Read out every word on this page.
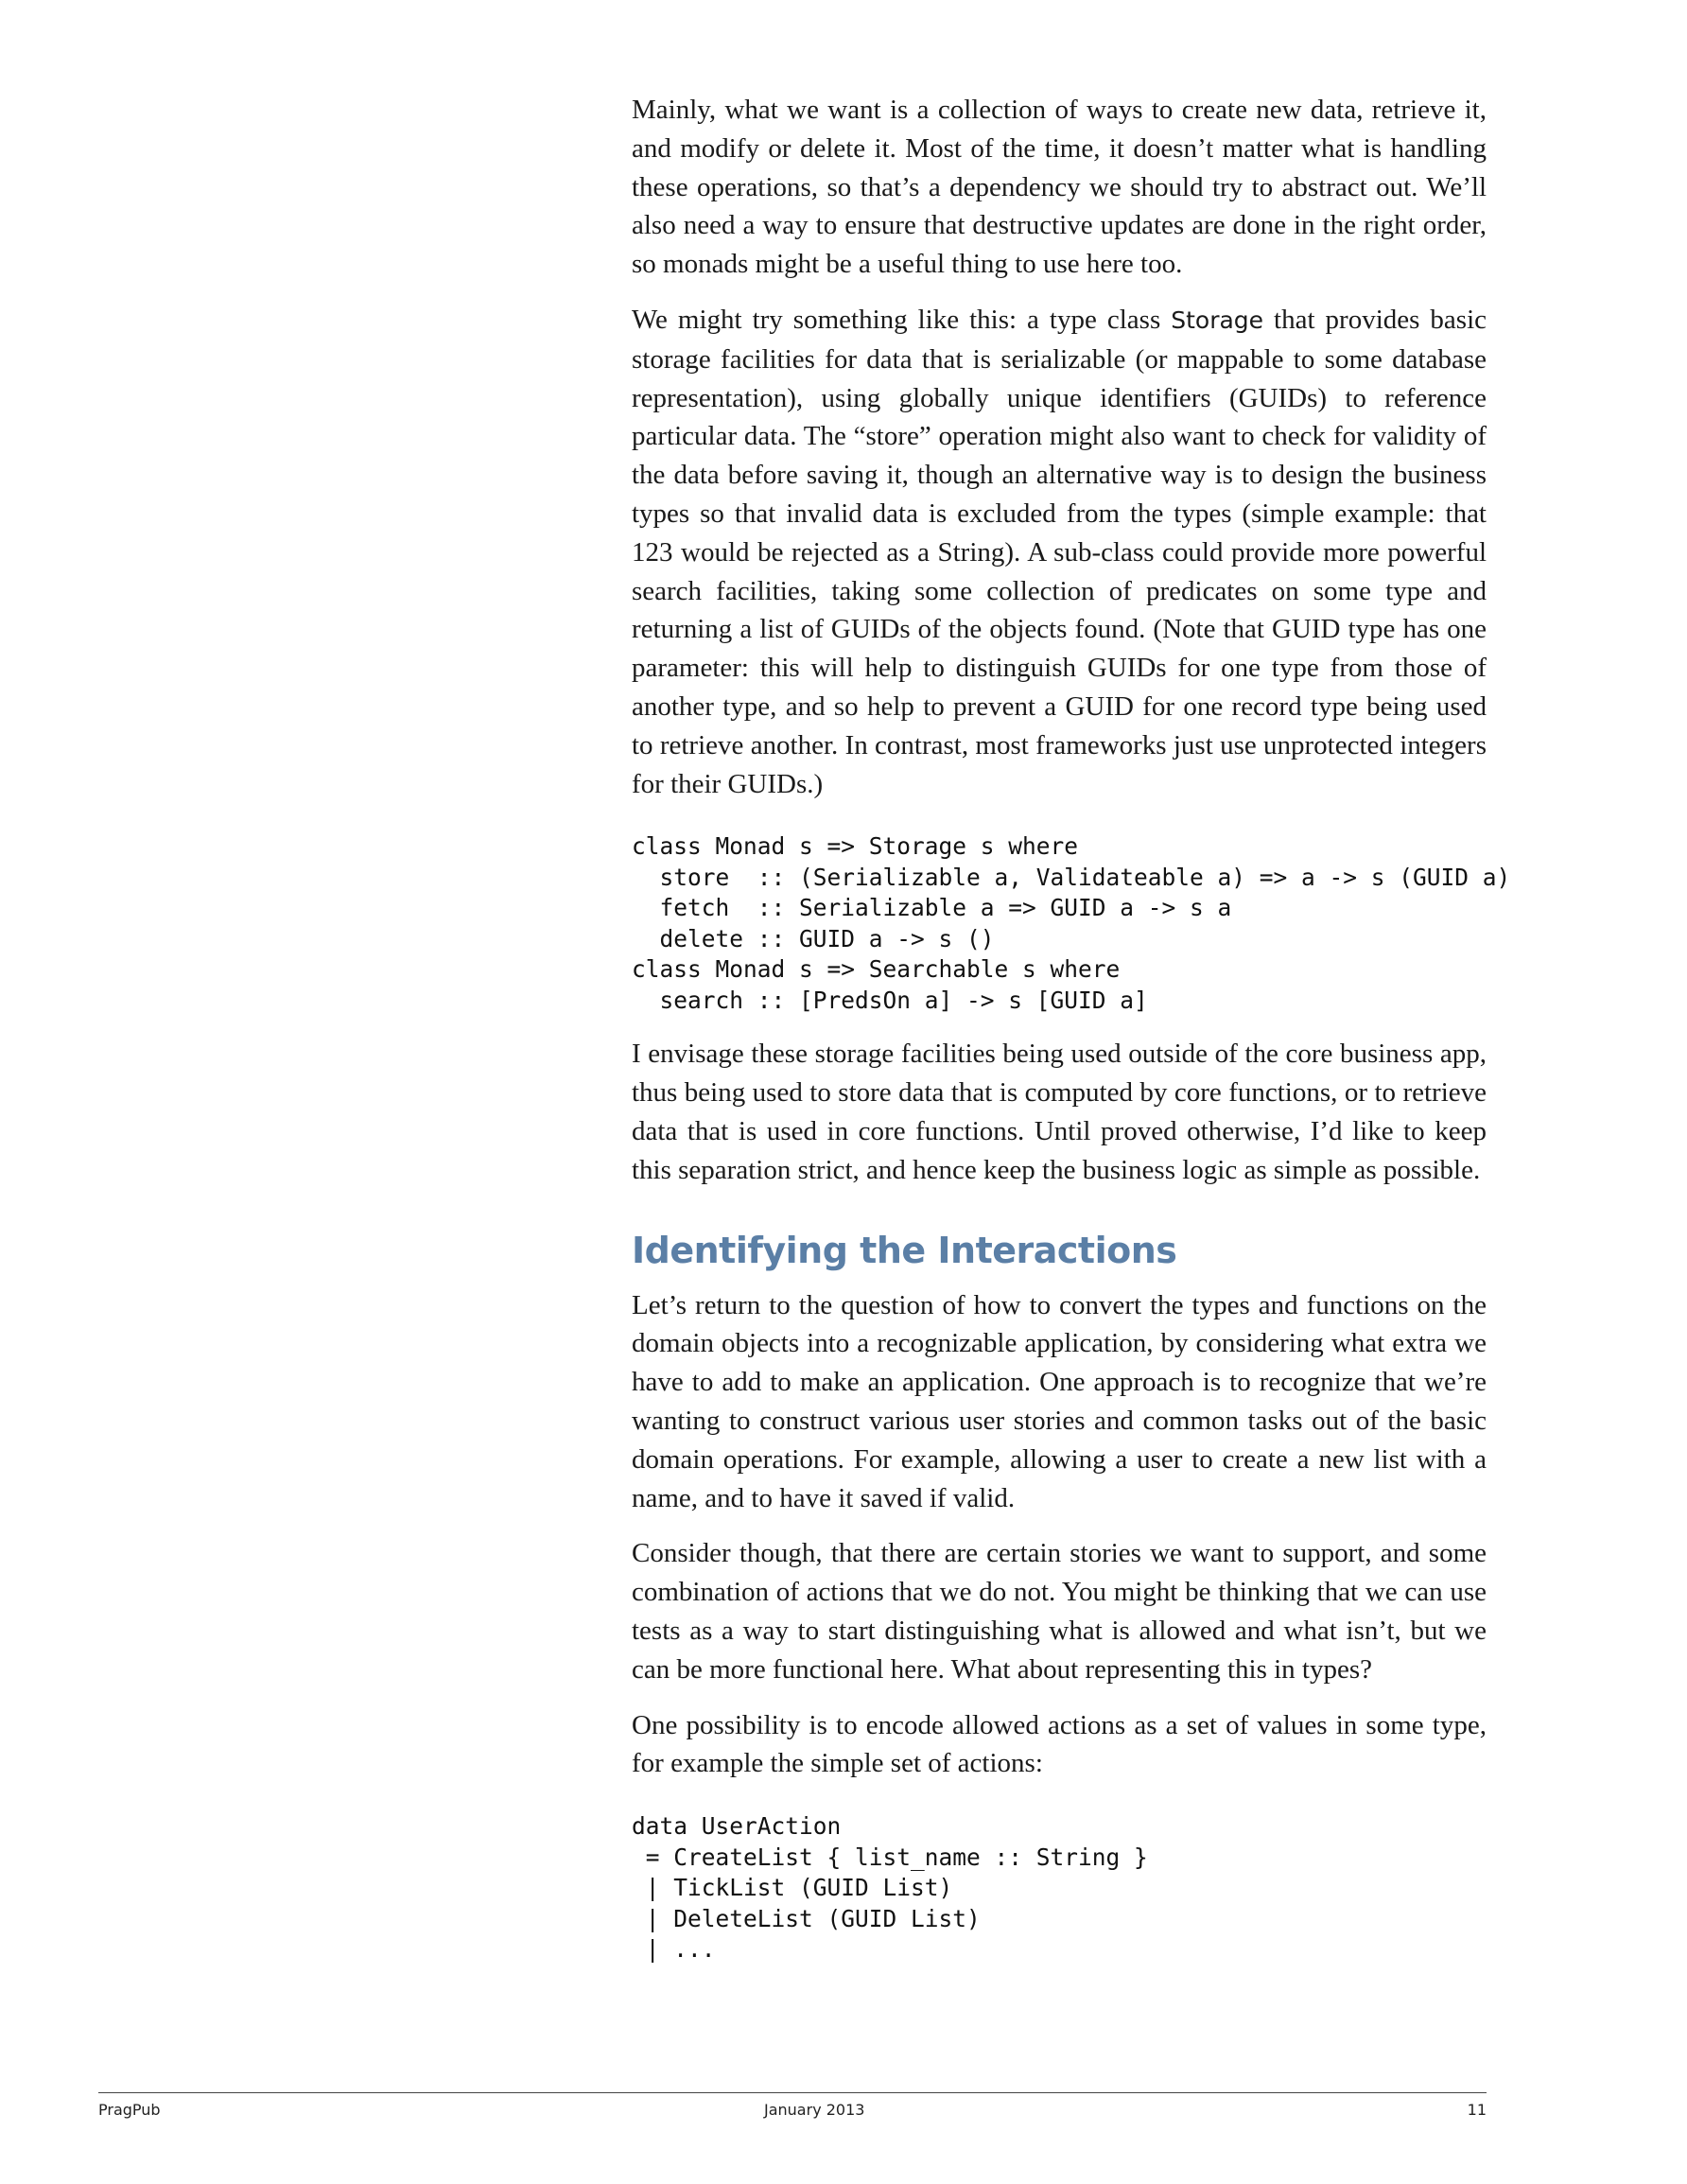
Mainly, what we want is a collection of ways to create new data, retrieve it, and modify or delete it. Most of the time, it doesn’t matter what is handling these operations, so that’s a dependency we should try to abstract out. We’ll also need a way to ensure that destructive updates are done in the right order, so monads might be a useful thing to use here too.

We might try something like this: a type class Storage that provides basic storage facilities for data that is serializable (or mappable to some database representation), using globally unique identifiers (GUIDs) to reference particular data. The “store” operation might also want to check for validity of the data before saving it, though an alternative way is to design the business types so that invalid data is excluded from the types (simple example: that 123 would be rejected as a String). A sub-class could provide more powerful search facilities, taking some collection of predicates on some type and returning a list of GUIDs of the objects found. (Note that GUID type has one parameter: this will help to distinguish GUIDs for one type from those of another type, and so help to prevent a GUID for one record type being used to retrieve another. In contrast, most frameworks just use unprotected integers for their GUIDs.)

class Monad s => Storage s where
store  :: (Serializable a, Validateable a) => a -> s (GUID a)
fetch  :: Serializable a => GUID a -> s a
delete :: GUID a -> s ()
class Monad s => Searchable s where
search :: [PredsOn a] -> s [GUID a]

I envisage these storage facilities being used outside of the core business app, thus being used to store data that is computed by core functions, or to retrieve data that is used in core functions. Until proved otherwise, I’d like to keep this separation strict, and hence keep the business logic as simple as possible.

Identifying the Interactions

Let’s return to the question of how to convert the types and functions on the domain objects into a recognizable application, by considering what extra we have to add to make an application. One approach is to recognize that we’re wanting to construct various user stories and common tasks out of the basic domain operations. For example, allowing a user to create a new list with a name, and to have it saved if valid.

Consider though, that there are certain stories we want to support, and some combination of actions that we do not. You might be thinking that we can use tests as a way to start distinguishing what is allowed and what isn’t, but we can be more functional here. What about representing this in types?

One possibility is to encode allowed actions as a set of values in some type, for example the simple set of actions:

data UserAction
= CreateList { list_name :: String }
| TickList (GUID List)
| DeleteList (GUID List)
| ...
PragPub	January 2013	11
